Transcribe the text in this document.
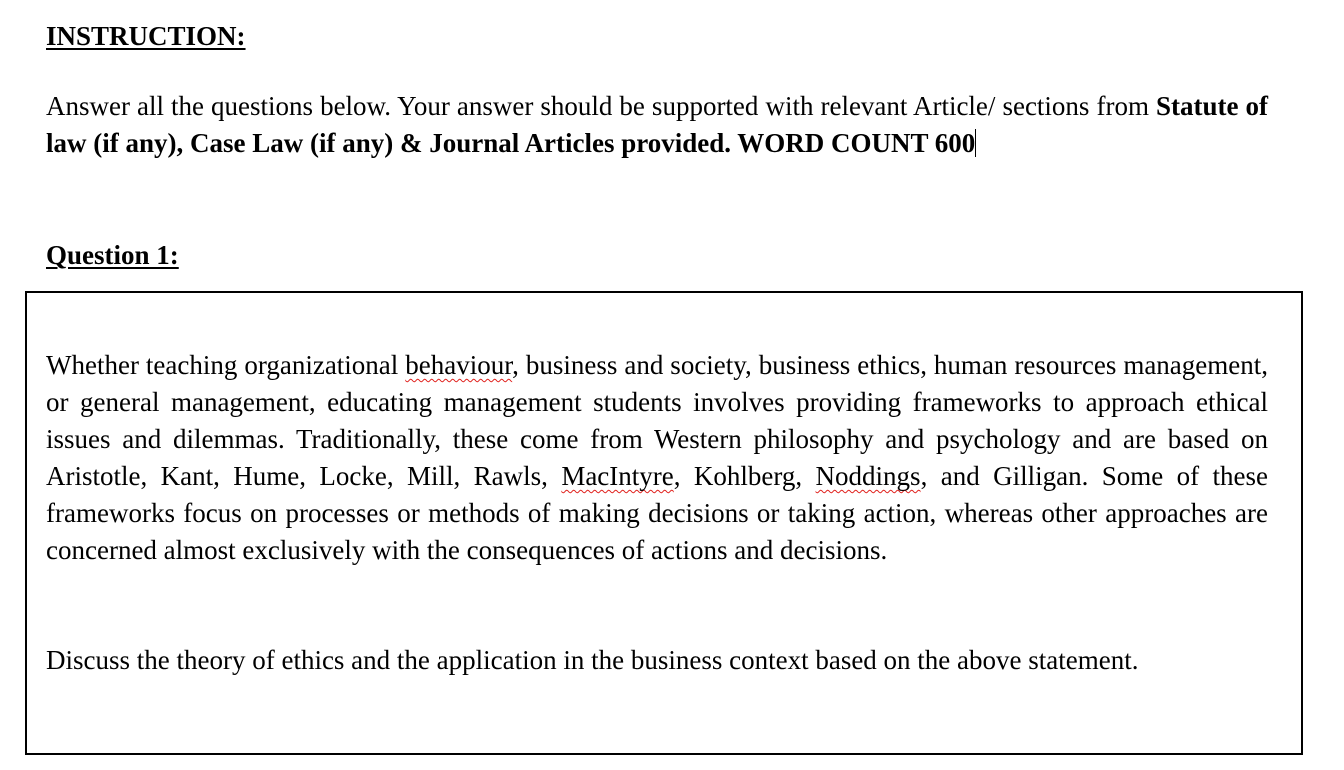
INSTRUCTION:

Answer all the questions below. Your answer should be supported with relevant Article/ sections from Statute of law (if any), Case Law (if any) & Journal Articles provided. WORD COUNT 600

Question 1:

Whether teaching organizational behaviour, business and society, business ethics, human resources management, or general management, educating management students involves providing frameworks to approach ethical issues and dilemmas. Traditionally, these come from Western philosophy and psychology and are based on Aristotle, Kant, Hume, Locke, Mill, Rawls, MacIntyre, Kohlberg, Noddings, and Gilligan. Some of these frameworks focus on processes or methods of making decisions or taking action, whereas other approaches are concerned almost exclusively with the consequences of actions and decisions.

Discuss the theory of ethics and the application in the business context based on the above statement.
